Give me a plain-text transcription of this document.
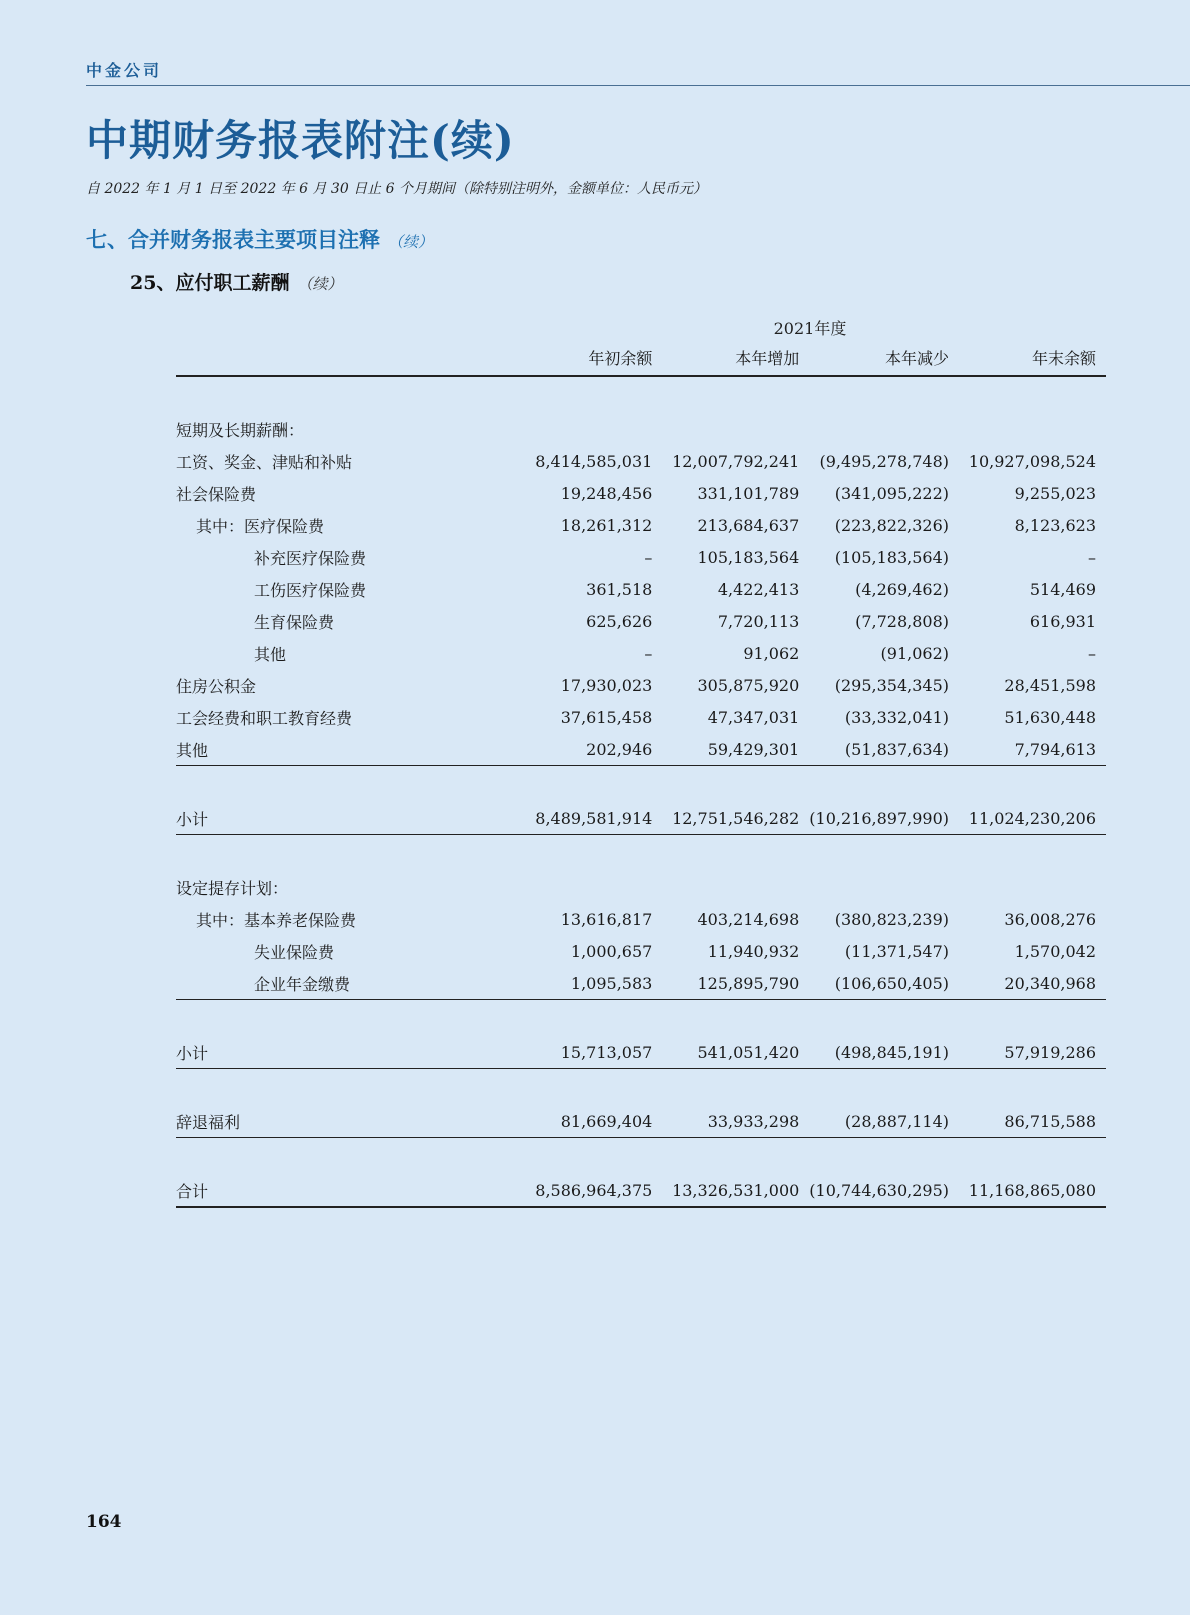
中金公司
中期财务报表附注(续)
自 2022 年 1 月 1 日至 2022 年 6 月 30 日止 6 个月期间（除特别注明外，金额单位：人民币元）
七、合并财务报表主要项目注释 （续）
25、应付职工薪酬 （续）
2021年度
	年初余额	本年增加	本年减少	年末余额

短期及长期薪酬：				
工资、奖金、津贴和补贴	8,414,585,031	12,007,792,241	(9,495,278,748)	10,927,098,524
社会保险费	19,248,456	331,101,789	(341,095,222)	9,255,023
其中：医疗保险费	18,261,312	213,684,637	(223,822,326)	8,123,623
补充医疗保险费	–	105,183,564	(105,183,564)	–
工伤医疗保险费	361,518	4,422,413	(4,269,462)	514,469
生育保险费	625,626	7,720,113	(7,728,808)	616,931
其他	–	91,062	(91,062)	–
住房公积金	17,930,023	305,875,920	(295,354,345)	28,451,598
工会经费和职工教育经费	37,615,458	47,347,031	(33,332,041)	51,630,448
其他	202,946	59,429,301	(51,837,634)	7,794,613

小计	8,489,581,914	12,751,546,282	(10,216,897,990)	11,024,230,206

设定提存计划：				
其中：基本养老保险费	13,616,817	403,214,698	(380,823,239)	36,008,276
失业保险费	1,000,657	11,940,932	(11,371,547)	1,570,042
企业年金缴费	1,095,583	125,895,790	(106,650,405)	20,340,968

小计	15,713,057	541,051,420	(498,845,191)	57,919,286

辞退福利	81,669,404	33,933,298	(28,887,114)	86,715,588

合计	8,586,964,375	13,326,531,000	(10,744,630,295)	11,168,865,080
164
